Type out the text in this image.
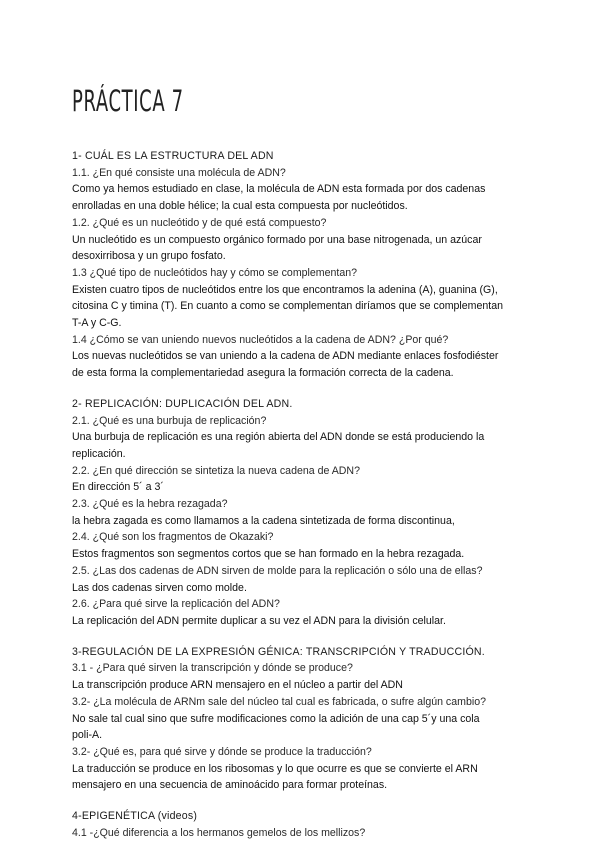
PRÁCTICA 7
1- CUÁL ES LA ESTRUCTURA DEL ADN
1.1. ¿En qué consiste una molécula de ADN?
Como ya hemos estudiado en clase, la molécula de ADN esta formada por dos cadenas
enrolladas en una doble hélice; la cual esta compuesta por nucleótidos.
1.2. ¿Qué es un nucleótido y de qué está compuesto?
Un nucleótido es un compuesto orgánico formado por una base nitrogenada, un azúcar
desoxirribosa y un grupo fosfato.
1.3 ¿Qué tipo de nucleótidos hay y cómo se complementan?
Existen cuatro tipos de nucleótidos entre los que encontramos la adenina (A), guanina (G),
citosina C y timina (T). En cuanto a como se complementan diríamos que se complementan
T-A y C-G.
1.4 ¿Cómo se van uniendo nuevos nucleótidos a la cadena de ADN? ¿Por qué?
Los nuevas nucleótidos se van uniendo a la cadena de ADN mediante enlaces fosfodiéster
de esta forma la complementariedad asegura la formación correcta de la cadena.
2- REPLICACIÓN: DUPLICACIÓN DEL ADN.
2.1. ¿Qué es una burbuja de replicación?
Una burbuja de replicación es una región abierta del ADN donde se está produciendo la
replicación.
2.2. ¿En qué dirección se sintetiza la nueva cadena de ADN?
En dirección 5´ a 3´
2.3. ¿Qué es la hebra rezagada?
la hebra zagada es como llamamos a la cadena sintetizada de forma discontinua,
2.4. ¿Qué son los fragmentos de Okazaki?
Estos fragmentos son segmentos cortos que se han formado en la hebra rezagada.
2.5. ¿Las dos cadenas de ADN sirven de molde para la replicación o sólo una de ellas?
Las dos cadenas sirven como molde.
2.6. ¿Para qué sirve la replicación del ADN?
La replicación del ADN permite duplicar a su vez el ADN para la división celular.
3-REGULACIÓN DE LA EXPRESIÓN GÉNICA: TRANSCRIPCIÓN Y TRADUCCIÓN.
3.1 - ¿Para qué sirven la transcripción y dónde se produce?
La transcripción produce ARN mensajero en el núcleo a partir del ADN
3.2- ¿La molécula de ARNm sale del núcleo tal cual es fabricada, o sufre algún cambio?
No sale tal cual sino que sufre modificaciones como la adición de una cap 5´y una cola
poli-A.
3.2- ¿Qué es, para qué sirve y dónde se produce la traducción?
La traducción se produce en los ribosomas y lo que ocurre es que se convierte el ARN
mensajero en una secuencia de aminoácido para formar proteínas.
4-EPIGENÉTICA (videos)
4.1 -¿Qué diferencia a los hermanos gemelos de los mellizos?
